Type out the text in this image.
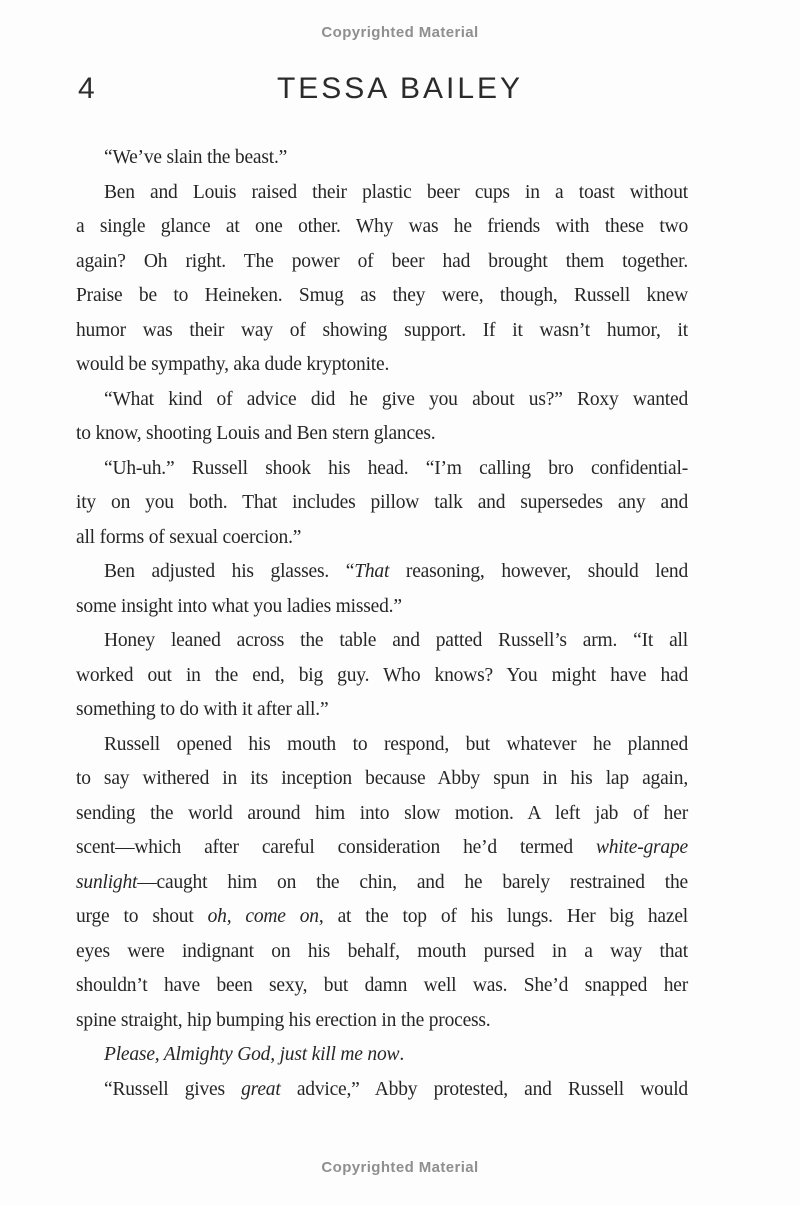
Copyrighted Material
4	TESSA BAILEY
“We’ve slain the beast.”
Ben and Louis raised their plastic beer cups in a toast without
a single glance at one other. Why was he friends with these two
again? Oh right. The power of beer had brought them together.
Praise be to Heineken. Smug as they were, though, Russell knew
humor was their way of showing support. If it wasn’t humor, it
would be sympathy, aka dude kryptonite.
“What kind of advice did he give you about us?” Roxy wanted
to know, shooting Louis and Ben stern glances.
“Uh-uh.” Russell shook his head. “I’m calling bro confidential-
ity on you both. That includes pillow talk and supersedes any and
all forms of sexual coercion.”
Ben adjusted his glasses. “That reasoning, however, should lend
some insight into what you ladies missed.”
Honey leaned across the table and patted Russell’s arm. “It all
worked out in the end, big guy. Who knows? You might have had
something to do with it after all.”
Russell opened his mouth to respond, but whatever he planned
to say withered in its inception because Abby spun in his lap again,
sending the world around him into slow motion. A left jab of her
scent—which after careful consideration he’d termed white-grape
sunlight—caught him on the chin, and he barely restrained the
urge to shout oh, come on, at the top of his lungs. Her big hazel
eyes were indignant on his behalf, mouth pursed in a way that
shouldn’t have been sexy, but damn well was. She’d snapped her
spine straight, hip bumping his erection in the process.
Please, Almighty God, just kill me now.
“Russell gives great advice,” Abby protested, and Russell would
Copyrighted Material
